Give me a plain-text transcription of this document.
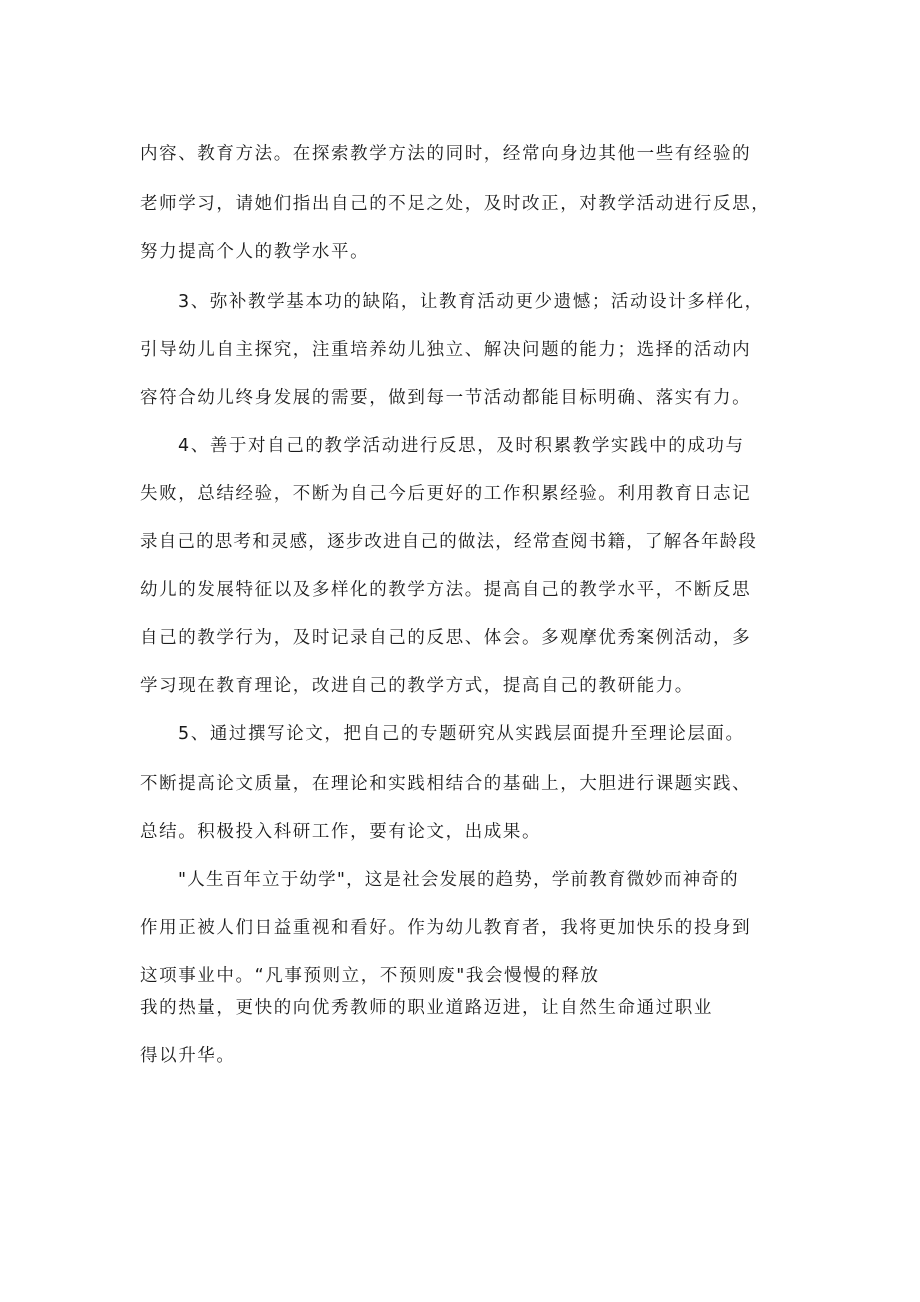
内容、教育方法。在探索教学方法的同时，经常向身边其他一些有经验的
老师学习，请她们指出自己的不足之处，及时改正，对教学活动进行反思，
努力提高个人的教学水平。
3、弥补教学基本功的缺陷，让教育活动更少遗憾；活动设计多样化，
引导幼儿自主探究，注重培养幼儿独立、解决问题的能力；选择的活动内
容符合幼儿终身发展的需要，做到每一节活动都能目标明确、落实有力。
4、善于对自己的教学活动进行反思，及时积累教学实践中的成功与
失败，总结经验，不断为自己今后更好的工作积累经验。利用教育日志记
录自己的思考和灵感，逐步改进自己的做法，经常查阅书籍，了解各年龄段
幼儿的发展特征以及多样化的教学方法。提高自己的教学水平，不断反思
自己的教学行为，及时记录自己的反思、体会。多观摩优秀案例活动，多
学习现在教育理论，改进自己的教学方式，提高自己的教研能力。
5、通过撰写论文，把自己的专题研究从实践层面提升至理论层面。
不断提高论文质量，在理论和实践相结合的基础上，大胆进行课题实践、
总结。积极投入科研工作，要有论文，出成果。
"人生百年立于幼学"，这是社会发展的趋势，学前教育微妙而神奇的
作用正被人们日益重视和看好。作为幼儿教育者，我将更加快乐的投身到
这项事业中。“凡事预则立，不预则废"我会慢慢的释放
我的热量，更快的向优秀教师的职业道路迈进，让自然生命通过职业
得以升华。
